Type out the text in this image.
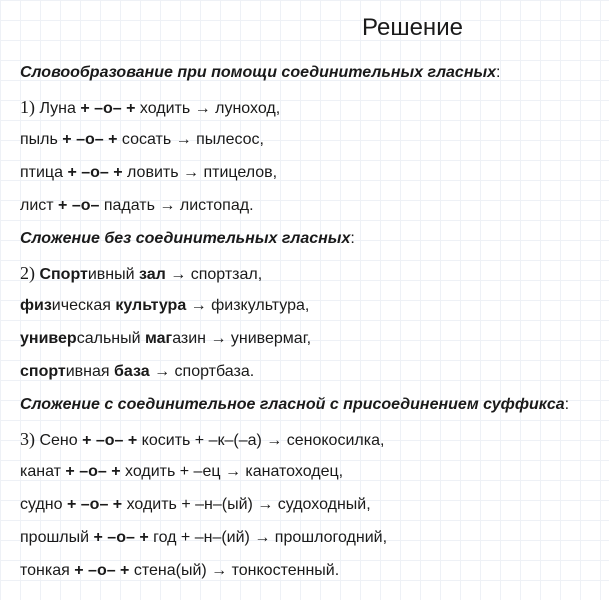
Решение
Словообразование при помощи соединительных гласных:
1) Луна + –о– + ходить → луноход,
пыль + –о– + сосать → пылесос,
птица + –о– + ловить → птицелов,
лист + –о– падать → листопад.
Сложение без соединительных гласных:
2) Спортивный зал → спортзал,
физическая культура → физкультура,
универсальный магазин → универмаг,
спортивная база → спортбаза.
Сложение с соединительное гласной с присоединением суффикса:
3) Сено + –о– + косить + –к–(–а) → сенокосилка,
канат + –о– + ходить + –ец → канатоходец,
судно + –о– + ходить + –н–(ый) → судоходный,
прошлый + –о– + год + –н–(ий) → прошлогодний,
тонкая + –о– + стена(ый) → тонкостенный.
